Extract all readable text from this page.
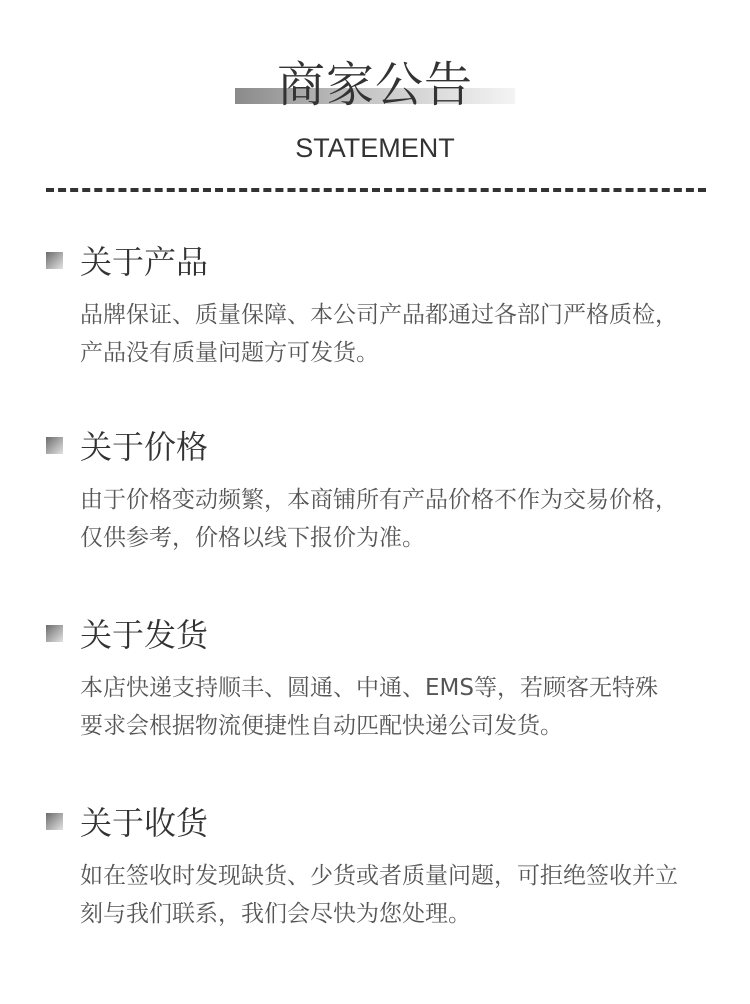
商家公告
STATEMENT
关于产品
品牌保证、质量保障、本公司产品都通过各部门严格质检，
产品没有质量问题方可发货。
关于价格
由于价格变动频繁，本商铺所有产品价格不作为交易价格，
仅供参考，价格以线下报价为准。
关于发货
本店快递支持顺丰、圆通、中通、EMS等，若顾客无特殊
要求会根据物流便捷性自动匹配快递公司发货。
关于收货
如在签收时发现缺货、少货或者质量问题，可拒绝签收并立
刻与我们联系，我们会尽快为您处理。
